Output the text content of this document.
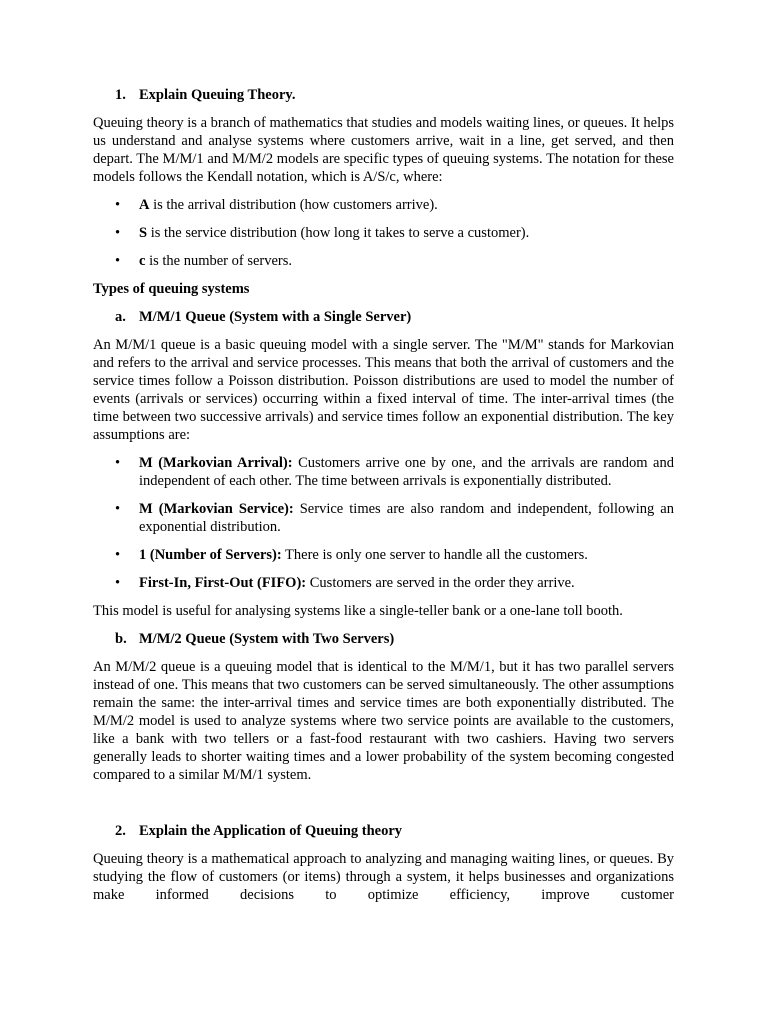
1. Explain Queuing Theory.

Queuing theory is a branch of mathematics that studies and models waiting lines, or queues. It helps us understand and analyse systems where customers arrive, wait in a line, get served, and then depart. The M/M/1 and M/M/2 models are specific types of queuing systems. The notation for these models follows the Kendall notation, which is A/S/c, where:

• A is the arrival distribution (how customers arrive).
• S is the service distribution (how long it takes to serve a customer).
• c is the number of servers.

Types of queuing systems

a. M/M/1 Queue (System with a Single Server)

An M/M/1 queue is a basic queuing model with a single server. The "M/M" stands for Markovian and refers to the arrival and service processes. This means that both the arrival of customers and the service times follow a Poisson distribution. Poisson distributions are used to model the number of events (arrivals or services) occurring within a fixed interval of time. The inter-arrival times (the time between two successive arrivals) and service times follow an exponential distribution. The key assumptions are:

• M (Markovian Arrival): Customers arrive one by one, and the arrivals are random and independent of each other. The time between arrivals is exponentially distributed.
• M (Markovian Service): Service times are also random and independent, following an exponential distribution.
• 1 (Number of Servers): There is only one server to handle all the customers.
• First-In, First-Out (FIFO): Customers are served in the order they arrive.

This model is useful for analysing systems like a single-teller bank or a one-lane toll booth.

b. M/M/2 Queue (System with Two Servers)

An M/M/2 queue is a queuing model that is identical to the M/M/1, but it has two parallel servers instead of one. This means that two customers can be served simultaneously. The other assumptions remain the same: the inter-arrival times and service times are both exponentially distributed. The M/M/2 model is used to analyze systems where two service points are available to the customers, like a bank with two tellers or a fast-food restaurant with two cashiers. Having two servers generally leads to shorter waiting times and a lower probability of the system becoming congested compared to a similar M/M/1 system.

2. Explain the Application of Queuing theory

Queuing theory is a mathematical approach to analyzing and managing waiting lines, or queues. By studying the flow of customers (or items) through a system, it helps businesses and organizations make informed decisions to optimize efficiency, improve customer
